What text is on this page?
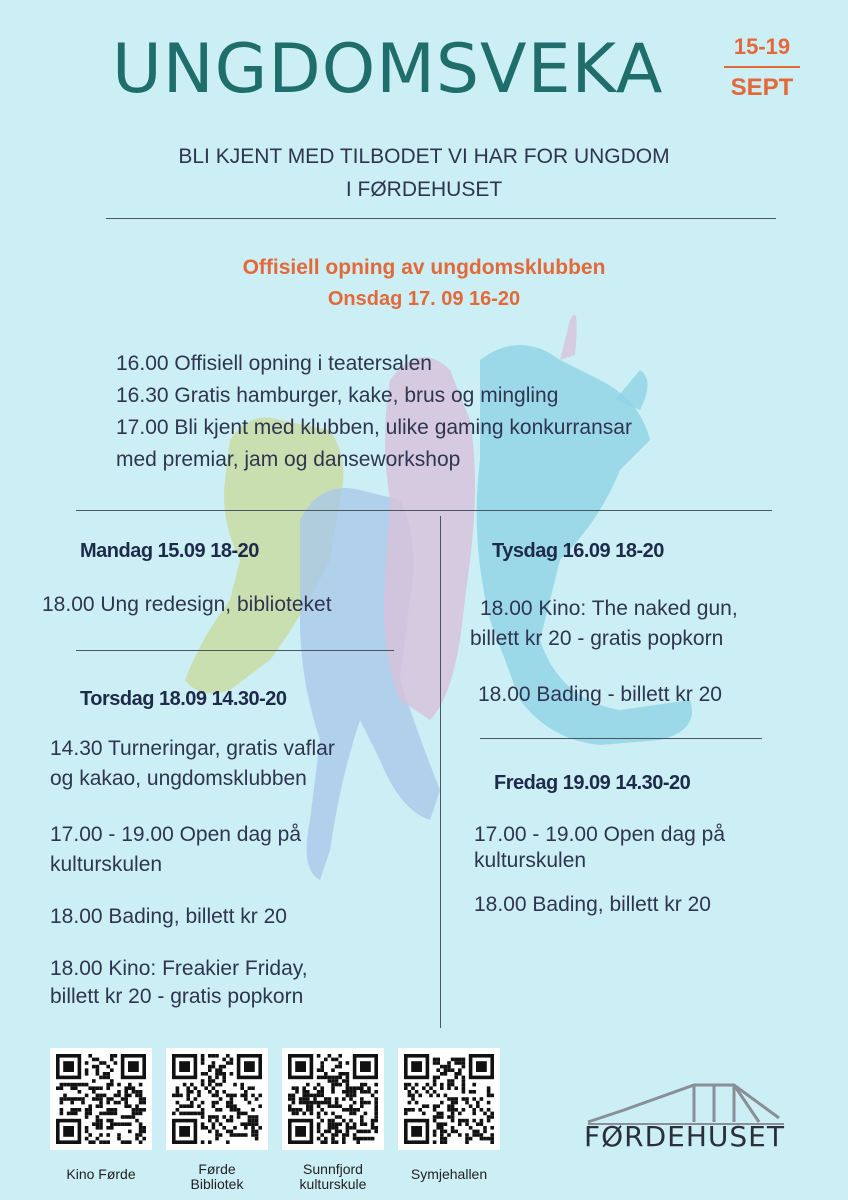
UNGDOMSVEKA	15-19
SEPT
BLI KJENT MED TILBODET VI HAR FOR UNGDOM
I FØRDEHUSET
Offisiell opning av ungdomsklubben
Onsdag 17. 09 16-20
16.00 Offisiell opning i teatersalen
16.30 Gratis hamburger, kake, brus og mingling
17.00 Bli kjent med klubben, ulike gaming konkurransar
med premiar, jam og danseworkshop
Mandag 15.09 18-20
18.00 Ung redesign, biblioteket
Torsdag 18.09 14.30-20
14.30 Turneringar, gratis vaflar
og kakao, ungdomsklubben
17.00 - 19.00 Open dag på
kulturskulen
18.00 Bading, billett kr 20
18.00 Kino: Freakier Friday,
billett kr 20 - gratis popkorn
Tysdag 16.09 18-20
18.00 Kino: The naked gun,
billett kr 20 - gratis popkorn
18.00 Bading - billett kr 20
Fredag 19.09 14.30-20
17.00 - 19.00 Open dag på
kulturskulen
18.00 Bading, billett kr 20
Kino Førde	Førde
Bibliotek
Sunnfjord
kulturskule
Symjehallen
FØRDEHUSET
